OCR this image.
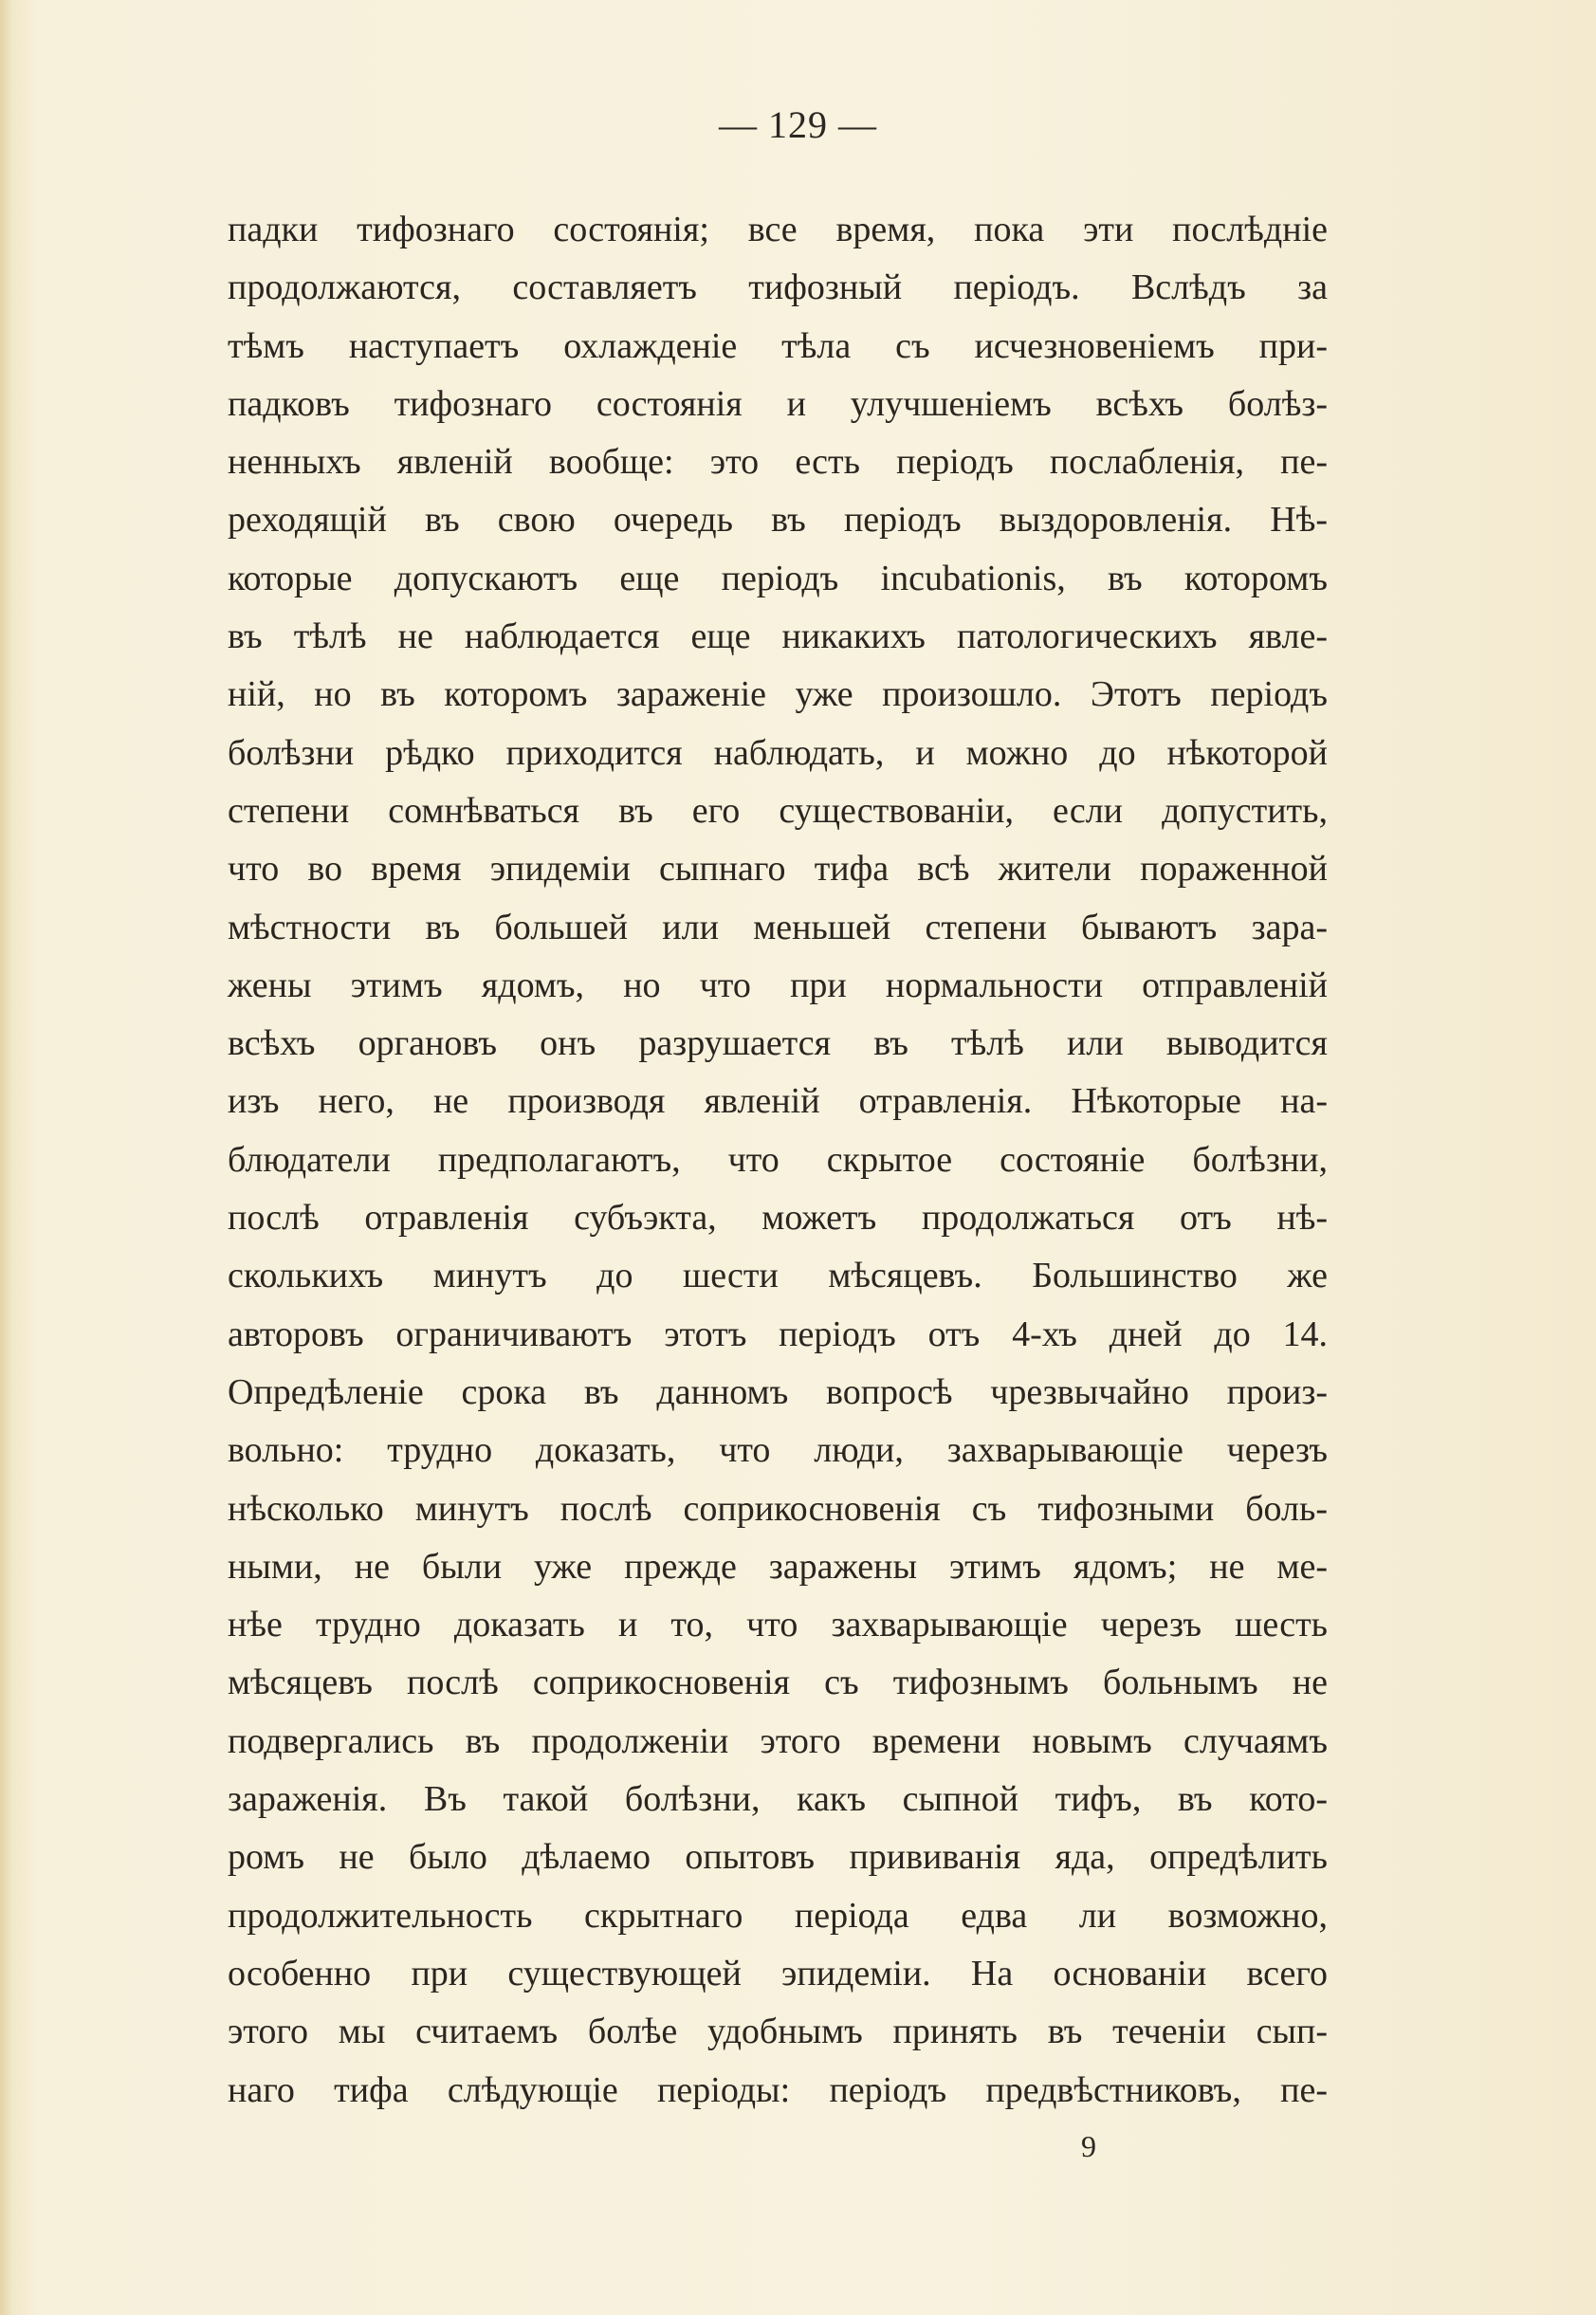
— 129 —
падки тифознаго состоянія; все время, пока эти послѣдніе
продолжаются, составляетъ тифозный періодъ. Вслѣдъ за
тѣмъ наступаетъ охлажденіе тѣла съ исчезновеніемъ при-
падковъ тифознаго состоянія и улучшеніемъ всѣхъ болѣз-
ненныхъ явленій вообще: это есть періодъ послабленія, пе-
реходящій въ свою очередь въ періодъ выздоровленія. Нѣ-
которые допускаютъ еще періодъ incubationis, въ которомъ
въ тѣлѣ не наблюдается еще никакихъ патологическихъ явле-
ній, но въ которомъ зараженіе уже произошло. Этотъ періодъ
болѣзни рѣдко приходится наблюдать, и можно до нѣкоторой
степени сомнѣваться въ его существованіи, если допустить,
что во время эпидеміи сыпнаго тифа всѣ жители пораженной
мѣстности въ большей или меньшей степени бываютъ зара-
жены этимъ ядомъ, но что при нормальности отправленій
всѣхъ органовъ онъ разрушается въ тѣлѣ или выводится
изъ него, не производя явленій отравленія. Нѣкоторые на-
блюдатели предполагаютъ, что скрытое состояніе болѣзни,
послѣ отравленія субъэкта, можетъ продолжаться отъ нѣ-
сколькихъ минутъ до шести мѣсяцевъ. Большинство же
авторовъ ограничиваютъ этотъ періодъ отъ 4-хъ дней до 14.
Опредѣленіе срока въ данномъ вопросѣ чрезвычайно произ-
вольно: трудно доказать, что люди, захварывающіе черезъ
нѣсколько минутъ послѣ соприкосновенія съ тифозными боль-
ными, не были уже прежде заражены этимъ ядомъ; не ме-
нѣе трудно доказать и то, что захварывающіе черезъ шесть
мѣсяцевъ послѣ соприкосновенія съ тифознымъ больнымъ не
подвергались въ продолженіи этого времени новымъ случаямъ
зараженія. Въ такой болѣзни, какъ сыпной тифъ, въ кото-
ромъ не было дѣлаемо опытовъ прививанія яда, опредѣлить
продолжительность скрытнаго періода едва ли возможно,
особенно при существующей эпидеміи. На основаніи всего
этого мы считаемъ болѣе удобнымъ принять въ теченіи сып-
наго тифа слѣдующіе періоды: періодъ предвѣстниковъ, пе-
9
